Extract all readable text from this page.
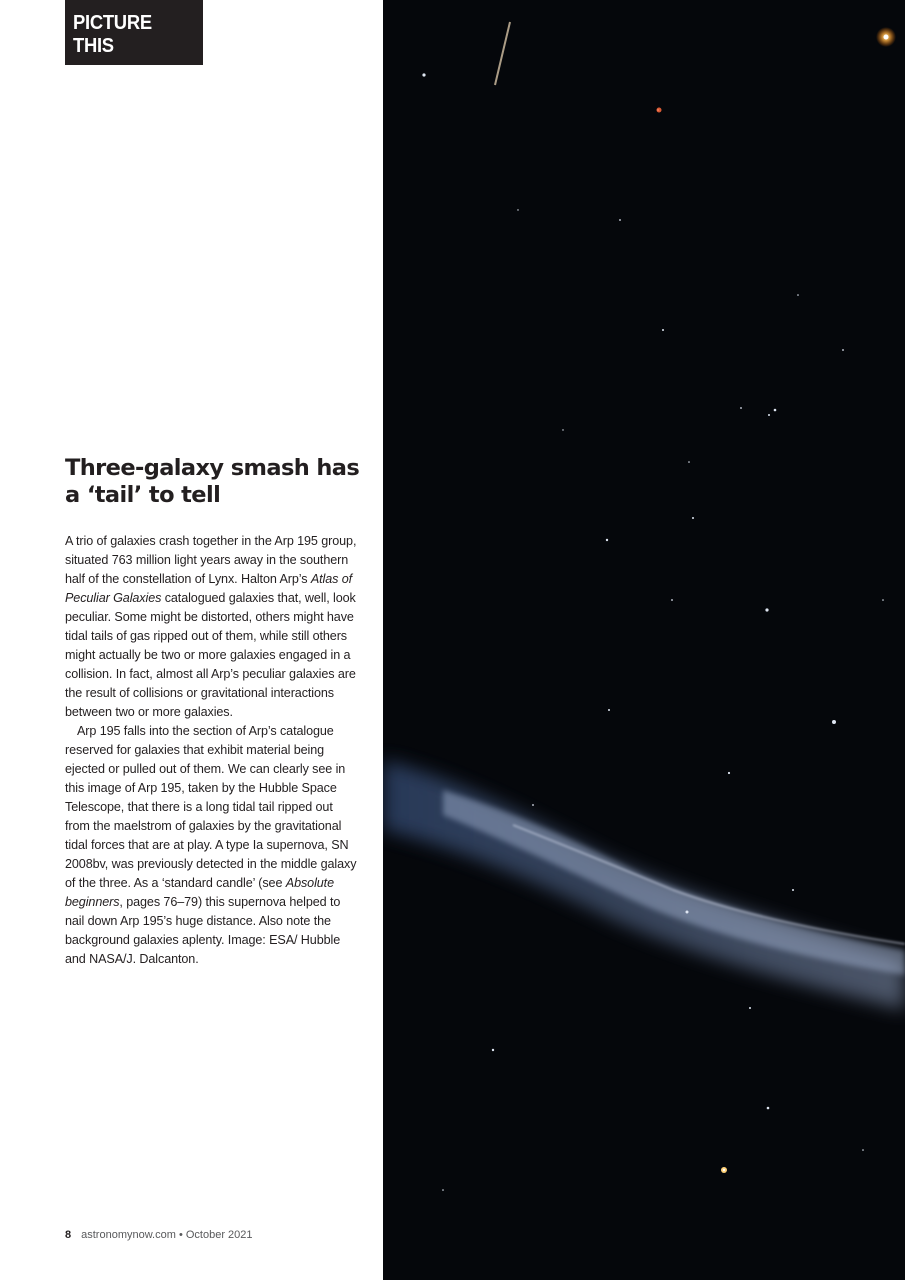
PICTURE THIS
Three-galaxy smash has a ‘tail’ to tell

A trio of galaxies crash together in the Arp 195 group, situated 763 million light years away in the southern half of the constellation of Lynx. Halton Arp’s Atlas of Peculiar Galaxies catalogued galaxies that, well, look peculiar. Some might be distorted, others might have tidal tails of gas ripped out of them, while still others might actually be two or more galaxies engaged in a collision. In fact, almost all Arp’s peculiar galaxies are the result of collisions or gravitational interactions between two or more galaxies.

Arp 195 falls into the section of Arp’s catalogue reserved for galaxies that exhibit material being ejected or pulled out of them. We can clearly see in this image of Arp 195, taken by the Hubble Space Telescope, that there is a long tidal tail ripped out from the maelstrom of galaxies by the gravitational tidal forces that are at play. A type Ia supernova, SN 2008bv, was previously detected in the middle galaxy of the three. As a ‘standard candle’ (see Absolute beginners, pages 76–79) this supernova helped to nail down Arp 195’s huge distance. Also note the background galaxies aplenty. Image: ESA/ Hubble and NASA/J. Dalcanton.

8 astronomynow.com • October 2021
